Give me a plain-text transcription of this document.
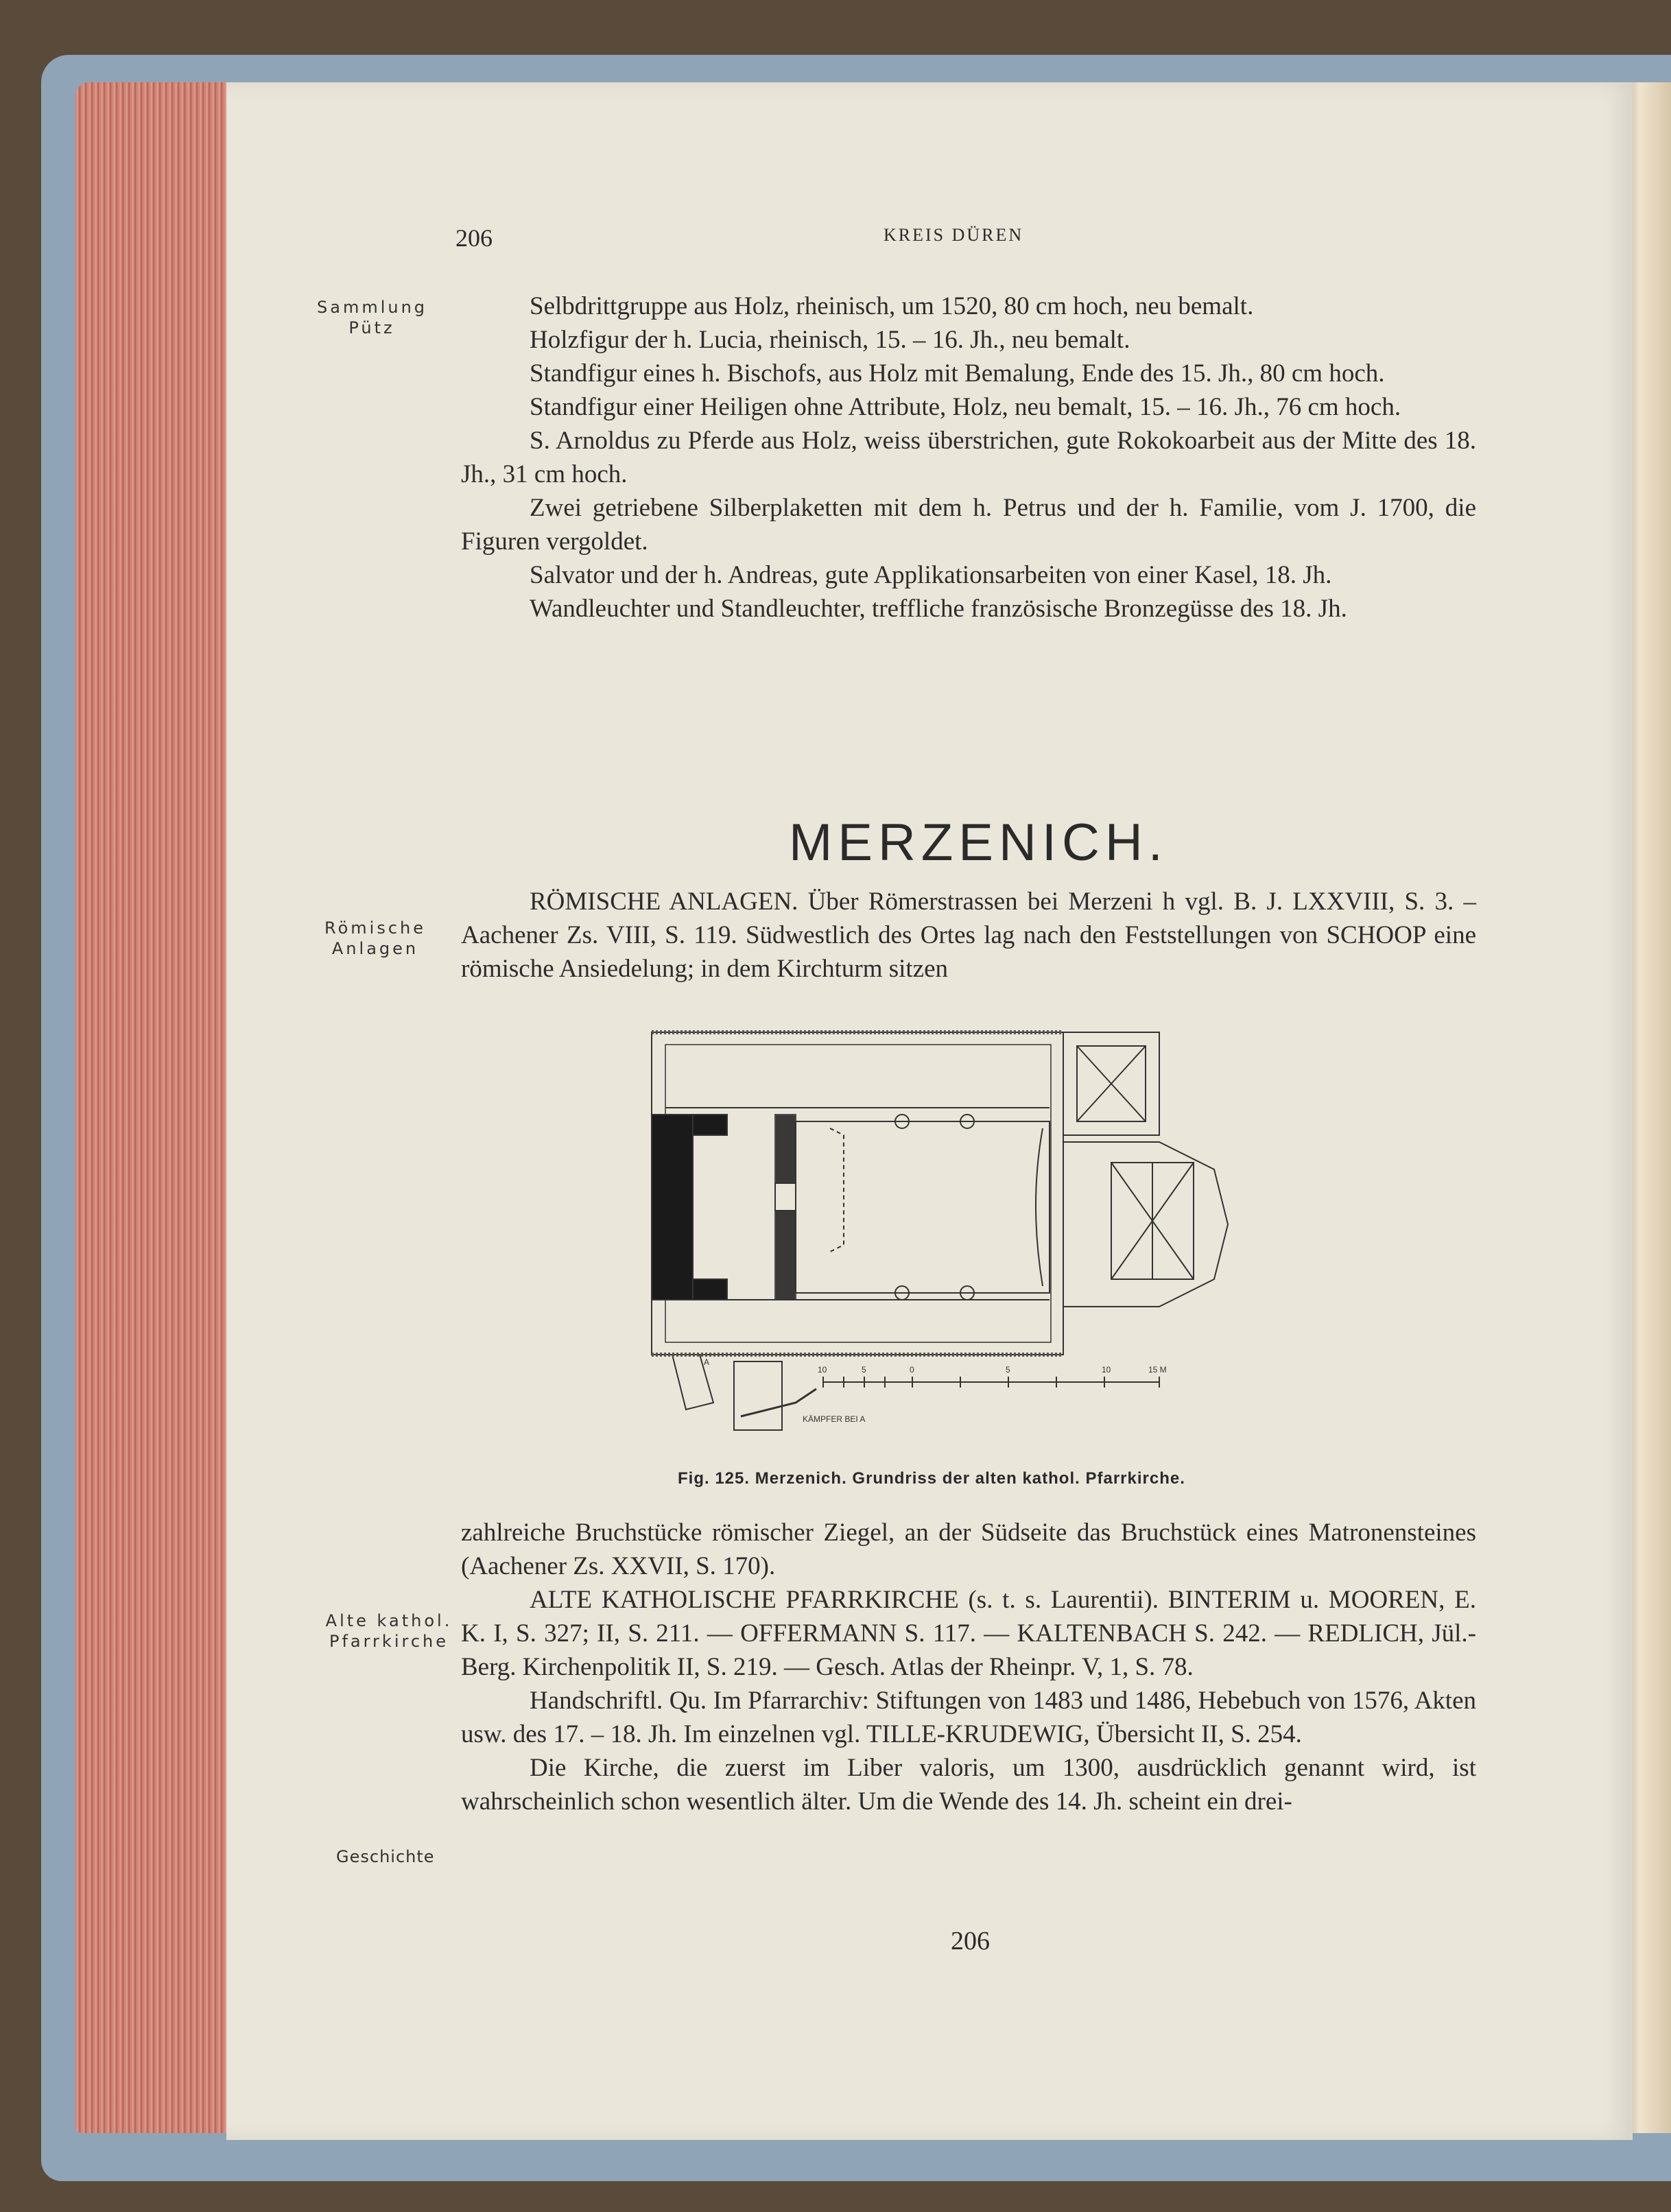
206	KREIS DÜREN
Sammlung
Pütz
Römische
Anlagen
Alte kathol.
Pfarrkirche
Geschichte

Selbdrittgruppe aus Holz, rheinisch, um 1520, 80 cm hoch, neu bemalt.

Holzfigur der h. Lucia, rheinisch, 15. – 16. Jh., neu bemalt.

Standfigur eines h. Bischofs, aus Holz mit Bemalung, Ende des 15. Jh., 80 cm hoch.

Standfigur einer Heiligen ohne Attribute, Holz, neu bemalt, 15. – 16. Jh., 76 cm hoch.

S. Arnoldus zu Pferde aus Holz, weiss überstrichen, gute Rokokoarbeit aus der Mitte des 18. Jh., 31 cm hoch.

Zwei getriebene Silberplaketten mit dem h. Petrus und der h. Familie, vom J. 1700, die Figuren vergoldet.

Salvator und der h. Andreas, gute Applikationsarbeiten von einer Kasel, 18. Jh.

Wandleuchter und Standleuchter, treffliche französische Bronzegüsse des 18. Jh.

MERZENICH.

RÖMISCHE ANLAGEN. Über Römerstrassen bei Merzeni h vgl. B. J. LXXVIII, S. 3. – Aachener Zs. VIII, S. 119. Südwestlich des Ortes lag nach den Feststellungen von SCHOOP eine römische Ansiedelung; in dem Kirchturm sitzen

A
KÄMPFER BEI A
10	5	0	5	10	15 M
Fig. 125. Merzenich. Grundriss der alten kathol. Pfarrkirche.

zahlreiche Bruchstücke römischer Ziegel, an der Südseite das Bruchstück eines Matronensteines (Aachener Zs. XXVII, S. 170).

ALTE KATHOLISCHE PFARRKIRCHE (s. t. s. Laurentii). BINTERIM u. MOOREN, E. K. I, S. 327; II, S. 211. — OFFERMANN S. 117. — KALTENBACH S. 242. — REDLICH, Jül.-Berg. Kirchenpolitik II, S. 219. — Gesch. Atlas der Rheinpr. V, 1, S. 78.

Handschriftl. Qu. Im Pfarrarchiv: Stiftungen von 1483 und 1486, Hebebuch von 1576, Akten usw. des 17. – 18. Jh. Im einzelnen vgl. TILLE-KRUDEWIG, Übersicht II, S. 254.

Die Kirche, die zuerst im Liber valoris, um 1300, ausdrücklich genannt wird, ist wahrscheinlich schon wesentlich älter. Um die Wende des 14. Jh. scheint ein drei-

206
